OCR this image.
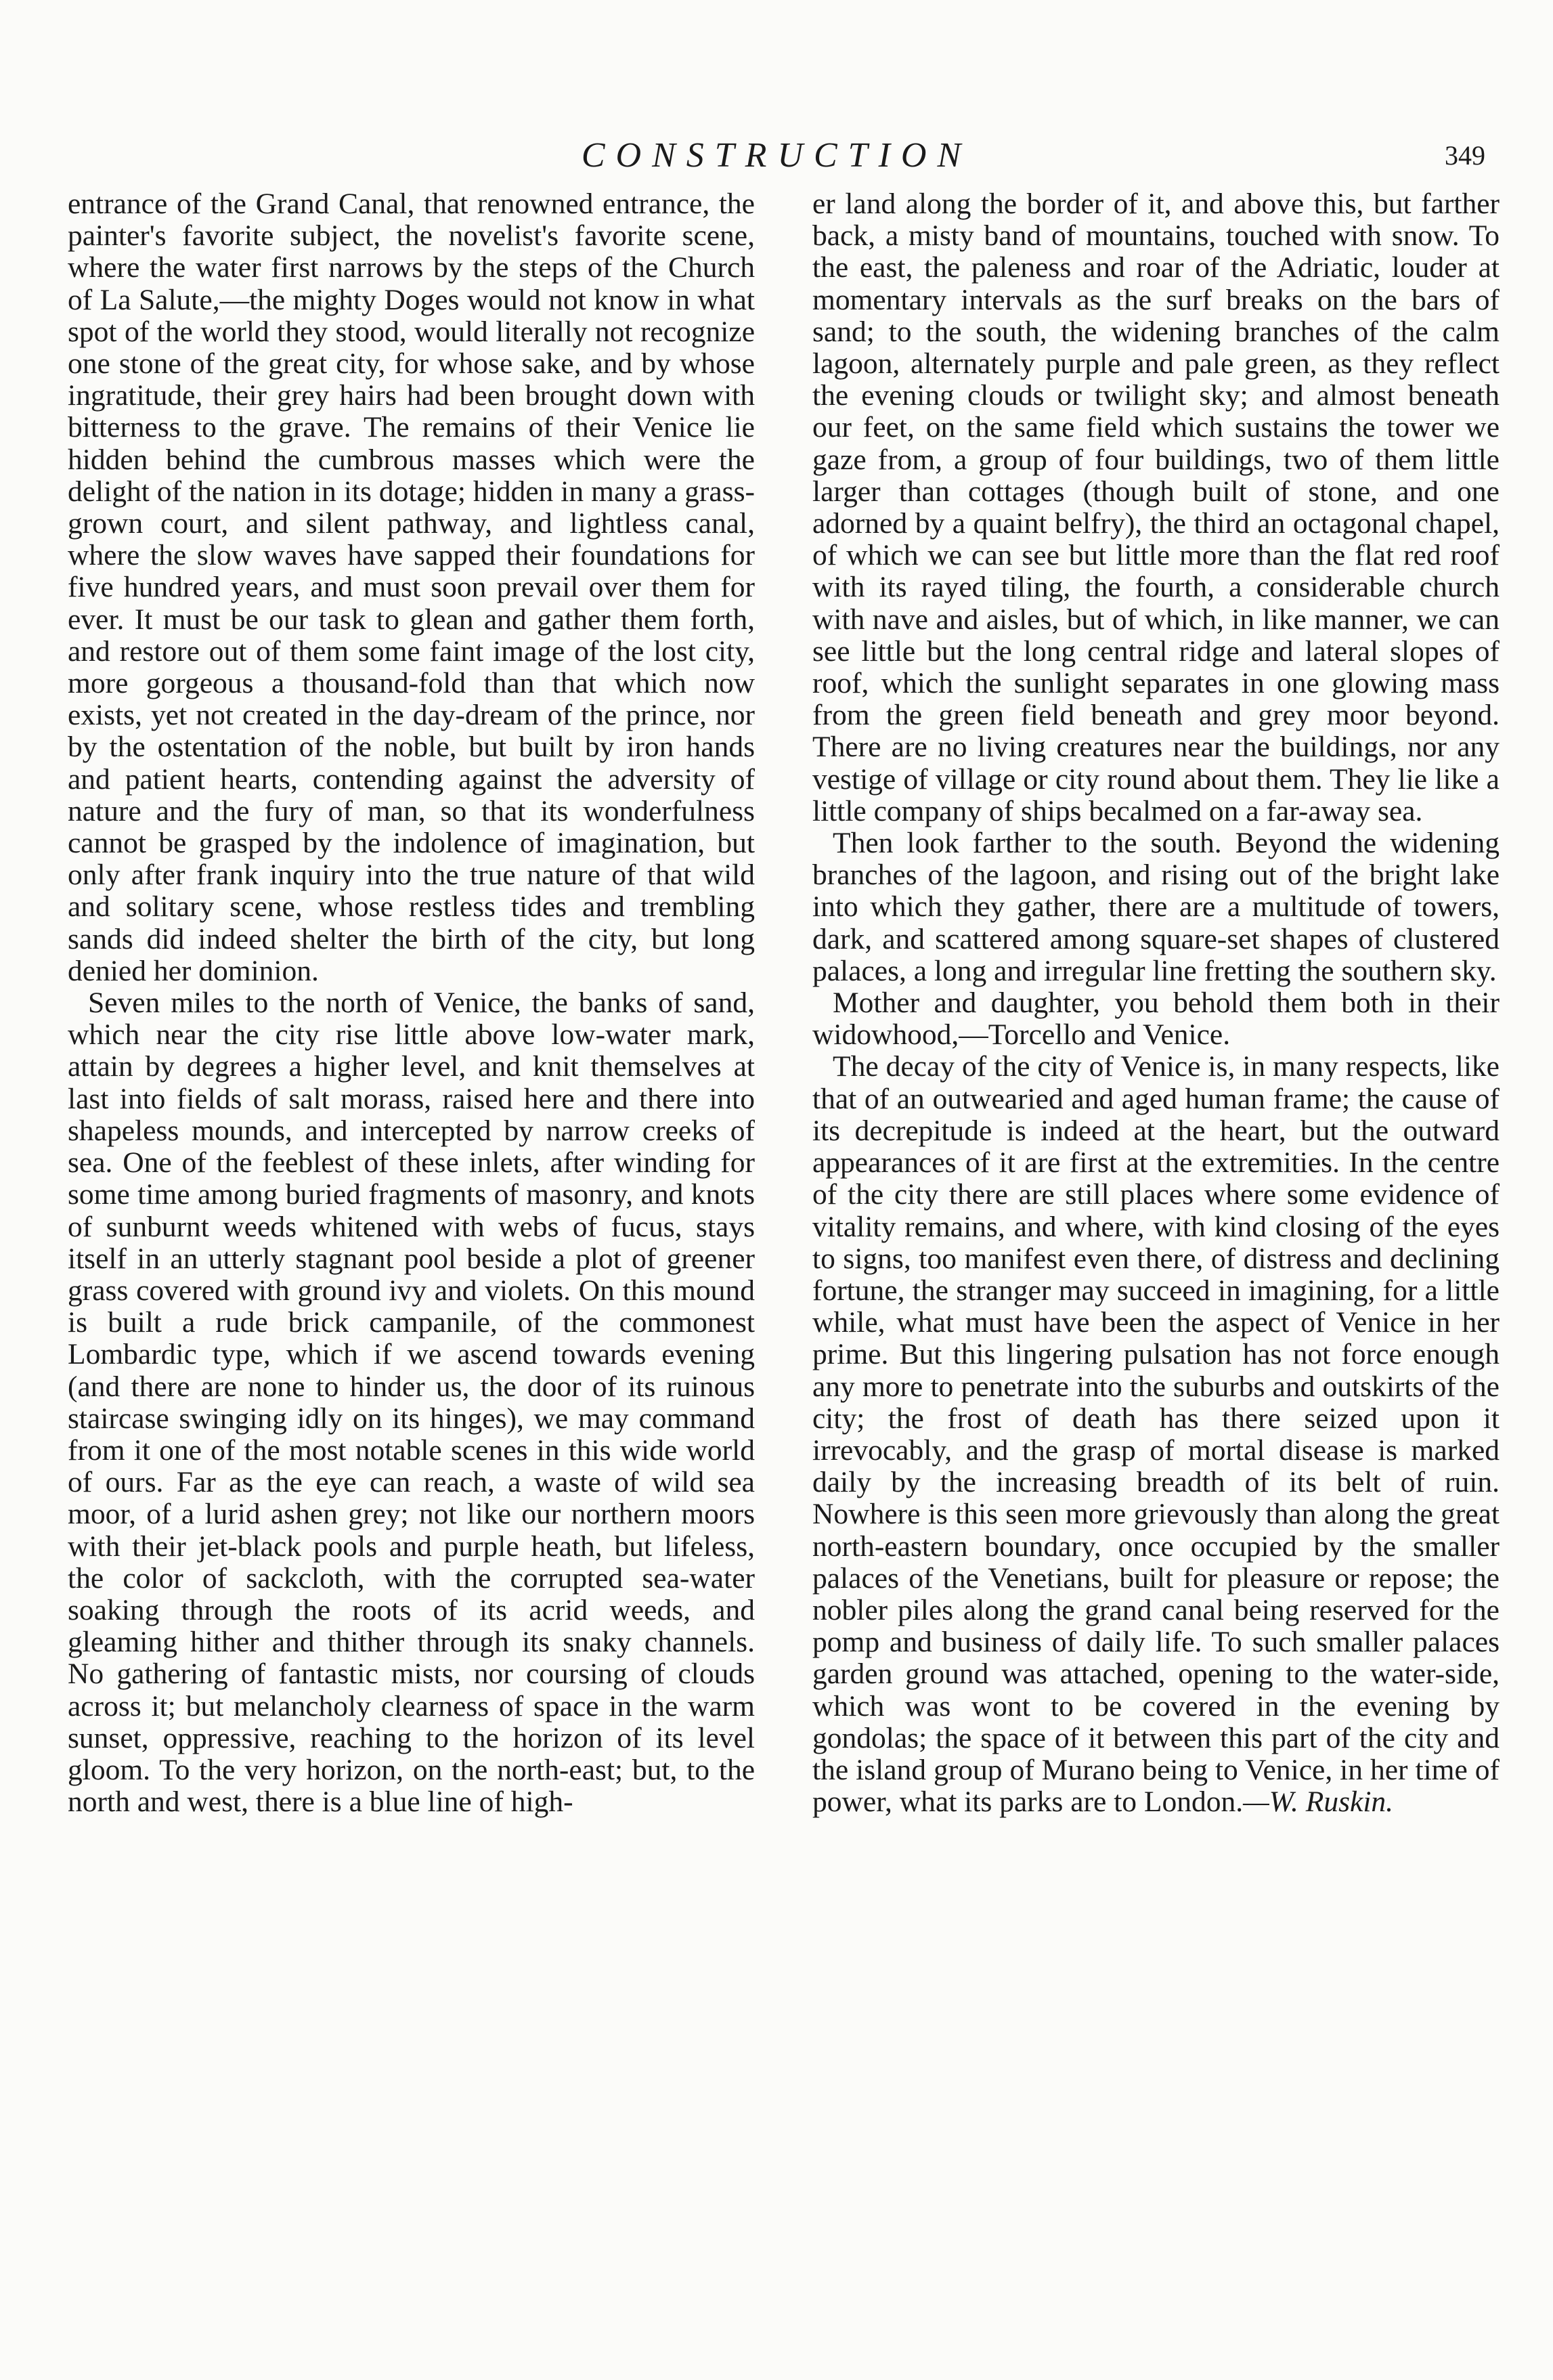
CONSTRUCTION	349

entrance of the Grand Canal, that renowned entrance, the painter's favorite subject, the novelist's favorite scene, where the water first narrows by the steps of the Church of La Salute,—the mighty Doges would not know in what spot of the world they stood, would literally not recognize one stone of the great city, for whose sake, and by whose ingratitude, their grey hairs had been brought down with bitterness to the grave. The remains of their Venice lie hidden behind the cumbrous masses which were the delight of the nation in its dotage; hidden in many a grass-grown court, and silent pathway, and lightless canal, where the slow waves have sapped their foundations for five hundred years, and must soon prevail over them for ever. It must be our task to glean and gather them forth, and restore out of them some faint image of the lost city, more gorgeous a thousand-fold than that which now exists, yet not created in the day-dream of the prince, nor by the ostentation of the noble, but built by iron hands and patient hearts, contending against the adversity of nature and the fury of man, so that its wonderfulness cannot be grasped by the indolence of imagination, but only after frank inquiry into the true nature of that wild and solitary scene, whose restless tides and trembling sands did indeed shelter the birth of the city, but long denied her dominion.

Seven miles to the north of Venice, the banks of sand, which near the city rise little above low-water mark, attain by degrees a higher level, and knit themselves at last into fields of salt morass, raised here and there into shapeless mounds, and intercepted by narrow creeks of sea. One of the feeblest of these inlets, after winding for some time among buried fragments of masonry, and knots of sunburnt weeds whitened with webs of fucus, stays itself in an utterly stagnant pool beside a plot of greener grass covered with ground ivy and violets. On this mound is built a rude brick campanile, of the commonest Lombardic type, which if we ascend towards evening (and there are none to hinder us, the door of its ruinous staircase swinging idly on its hinges), we may command from it one of the most notable scenes in this wide world of ours. Far as the eye can reach, a waste of wild sea moor, of a lurid ashen grey; not like our northern moors with their jet-black pools and purple heath, but lifeless, the color of sackcloth, with the corrupted sea-water soaking through the roots of its acrid weeds, and gleaming hither and thither through its snaky channels. No gathering of fantastic mists, nor coursing of clouds across it; but melancholy clearness of space in the warm sunset, oppressive, reaching to the horizon of its level gloom. To the very horizon, on the north-east; but, to the north and west, there is a blue line of high-

er land along the border of it, and above this, but farther back, a misty band of mountains, touched with snow. To the east, the paleness and roar of the Adriatic, louder at momentary intervals as the surf breaks on the bars of sand; to the south, the widening branches of the calm lagoon, alternately purple and pale green, as they reflect the evening clouds or twilight sky; and almost beneath our feet, on the same field which sustains the tower we gaze from, a group of four buildings, two of them little larger than cottages (though built of stone, and one adorned by a quaint belfry), the third an octagonal chapel, of which we can see but little more than the flat red roof with its rayed tiling, the fourth, a considerable church with nave and aisles, but of which, in like manner, we can see little but the long central ridge and lateral slopes of roof, which the sunlight separates in one glowing mass from the green field beneath and grey moor beyond. There are no living creatures near the buildings, nor any vestige of village or city round about them. They lie like a little company of ships becalmed on a far-away sea.

Then look farther to the south. Beyond the widening branches of the lagoon, and rising out of the bright lake into which they gather, there are a multitude of towers, dark, and scattered among square-set shapes of clustered palaces, a long and irregular line fretting the southern sky.

Mother and daughter, you behold them both in their widowhood,—Torcello and Venice.

The decay of the city of Venice is, in many respects, like that of an outwearied and aged human frame; the cause of its decrepitude is indeed at the heart, but the outward appearances of it are first at the extremities. In the centre of the city there are still places where some evidence of vitality remains, and where, with kind closing of the eyes to signs, too manifest even there, of distress and declining fortune, the stranger may succeed in imagining, for a little while, what must have been the aspect of Venice in her prime. But this lingering pulsation has not force enough any more to penetrate into the suburbs and outskirts of the city; the frost of death has there seized upon it irrevocably, and the grasp of mortal disease is marked daily by the increasing breadth of its belt of ruin. Nowhere is this seen more grievously than along the great north-eastern boundary, once occupied by the smaller palaces of the Venetians, built for pleasure or repose; the nobler piles along the grand canal being reserved for the pomp and business of daily life. To such smaller palaces garden ground was attached, opening to the water-side, which was wont to be covered in the evening by gondolas; the space of it between this part of the city and the island group of Murano being to Venice, in her time of power, what its parks are to London.—W. Ruskin.
